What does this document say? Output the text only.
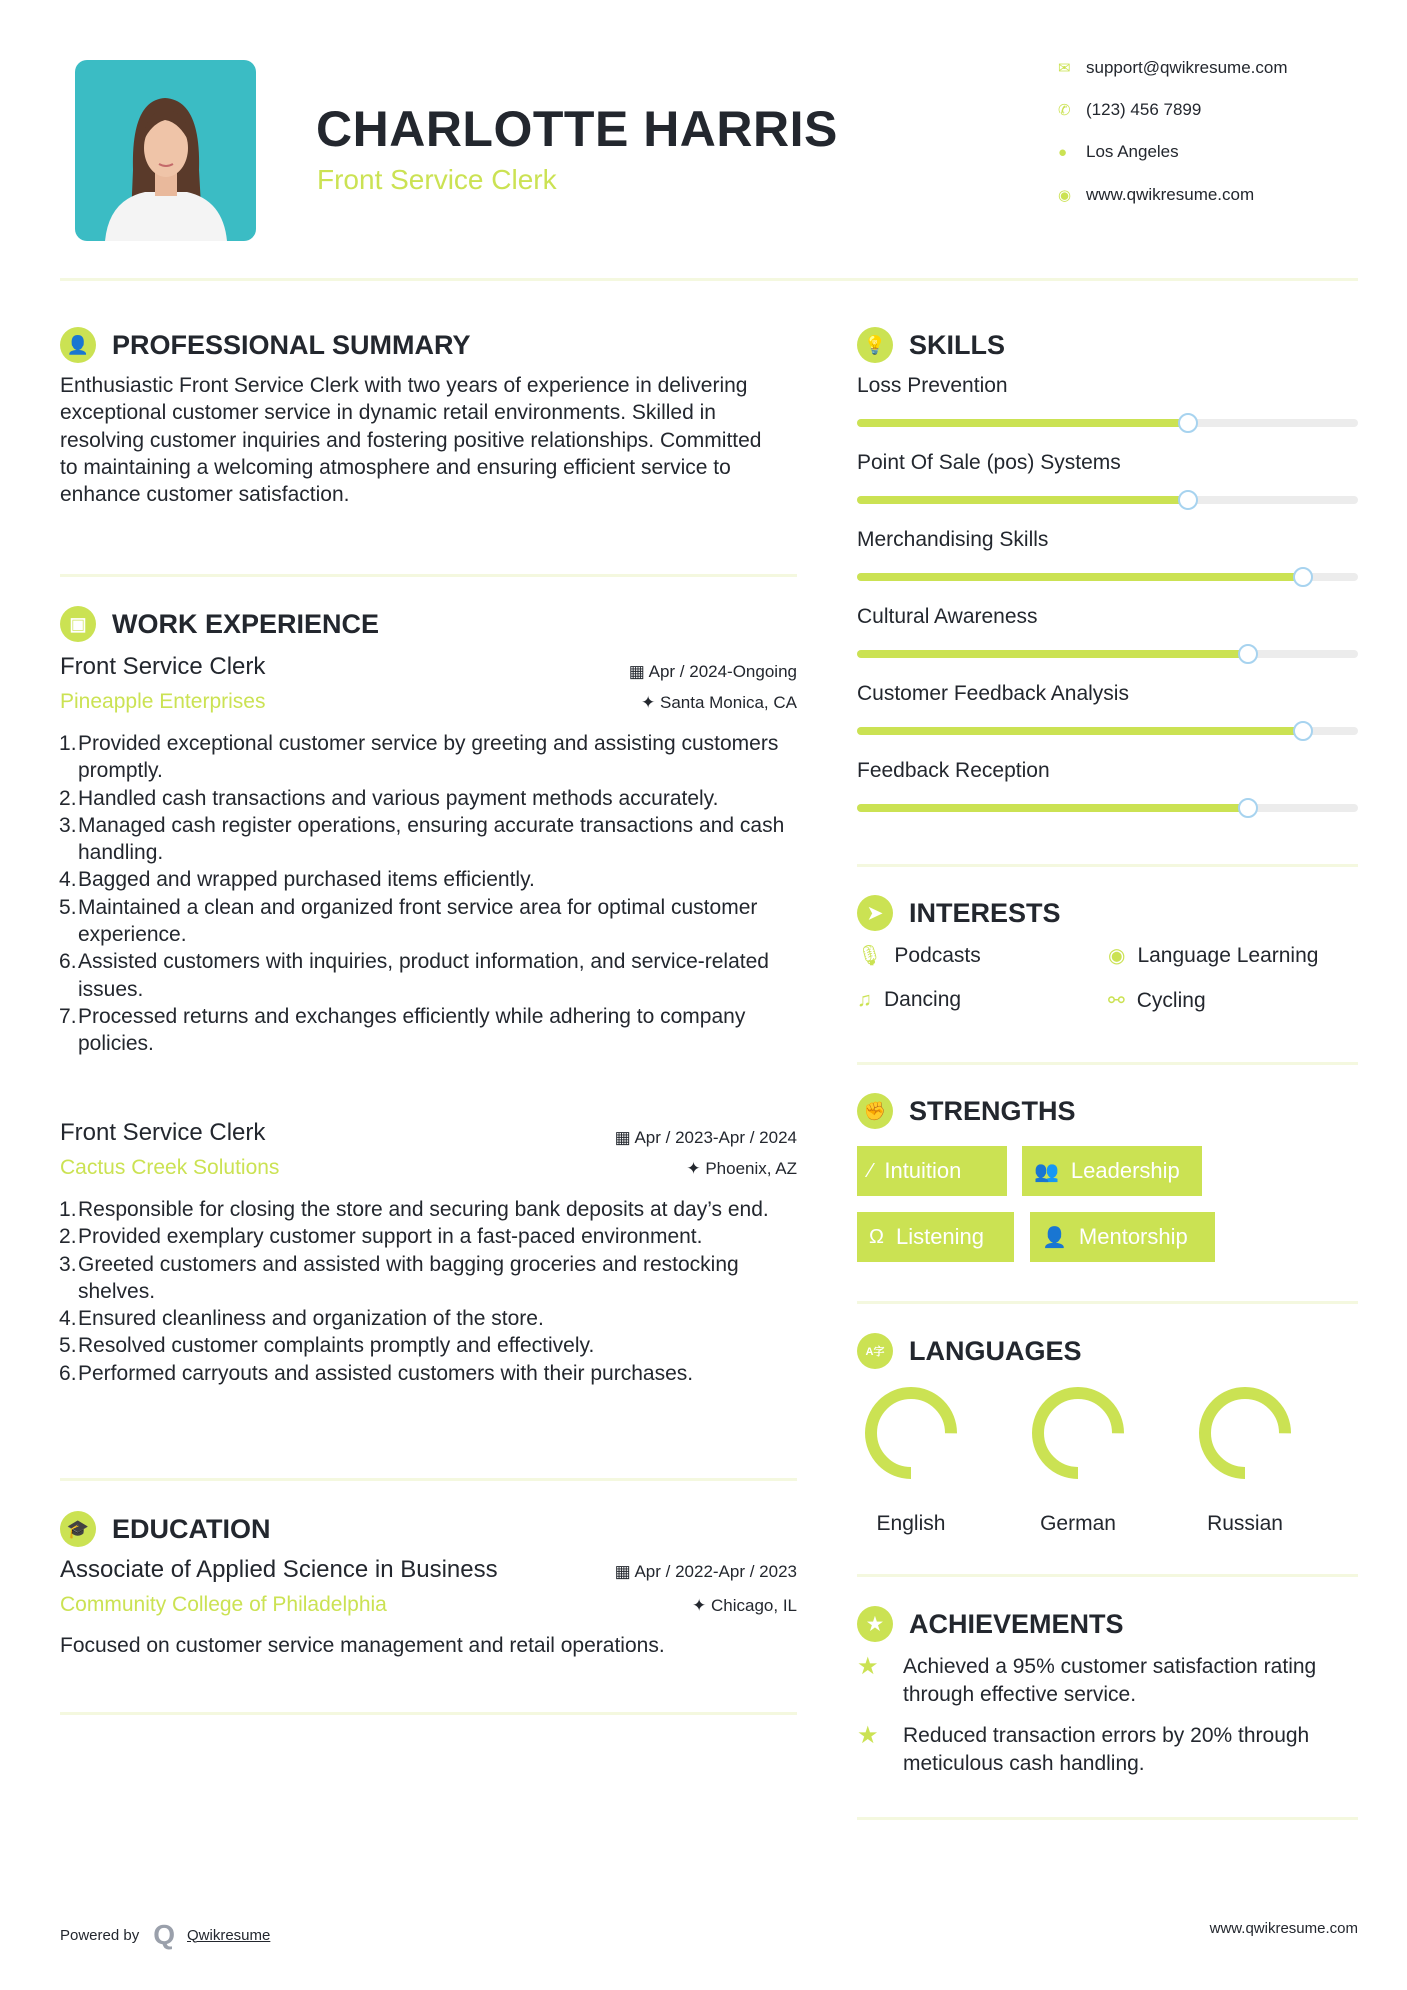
CHARLOTTE HARRIS
Front Service Clerk
✉ support@qwikresume.com
✆ (123) 456 7899
●	Los Angeles
◉ www.qwikresume.com
👤 PROFESSIONAL SUMMARY
Enthusiastic Front Service Clerk with two years of experience in delivering exceptional customer service in dynamic retail environments. Skilled in resolving customer inquiries and fostering positive relationships. Committed to maintaining a welcoming atmosphere and ensuring efficient service to enhance customer satisfaction.
▣ WORK EXPERIENCE
Front Service Clerk	▦ Apr / 2024-Ongoing
Pineapple Enterprises	✦ Santa Monica, CA
Provided exceptional customer service by greeting and assisting customers promptly.
Handled cash transactions and various payment methods accurately.
Managed cash register operations, ensuring accurate transactions and cash handling.
Bagged and wrapped purchased items efficiently.
Maintained a clean and organized front service area for optimal customer experience.
Assisted customers with inquiries, product information, and service-related issues.
Processed returns and exchanges efficiently while adhering to company policies.
Front Service Clerk	▦ Apr / 2023-Apr / 2024
Cactus Creek Solutions	✦ Phoenix, AZ
Responsible for closing the store and securing bank deposits at day’s end.
Provided exemplary customer support in a fast-paced environment.
Greeted customers and assisted with bagging groceries and restocking shelves.
Ensured cleanliness and organization of the store.
Resolved customer complaints promptly and effectively.
Performed carryouts and assisted customers with their purchases.
🎓 EDUCATION
Associate of Applied Science in Business	▦ Apr / 2022-Apr / 2023
Community College of Philadelphia	✦ Chicago, IL
Focused on customer service management and retail operations.
💡 SKILLS
Loss Prevention
Point Of Sale (pos) Systems
Merchandising Skills
Cultural Awareness
Customer Feedback Analysis
Feedback Reception
➤ INTERESTS
🎙 Podcasts	◉ Language Learning
♫ Dancing	⚯ Cycling
✊ STRENGTHS
⁄ Intuition	👥 Leadership
Ω Listening	👤 Mentorship
A字 LANGUAGES
English	German	Russian
★ ACHIEVEMENTS
★	Achieved a 95% customer satisfaction rating through effective service.
★	Reduced transaction errors by 20% through meticulous cash handling.
Powered by Q Qwikresume	www.qwikresume.com
